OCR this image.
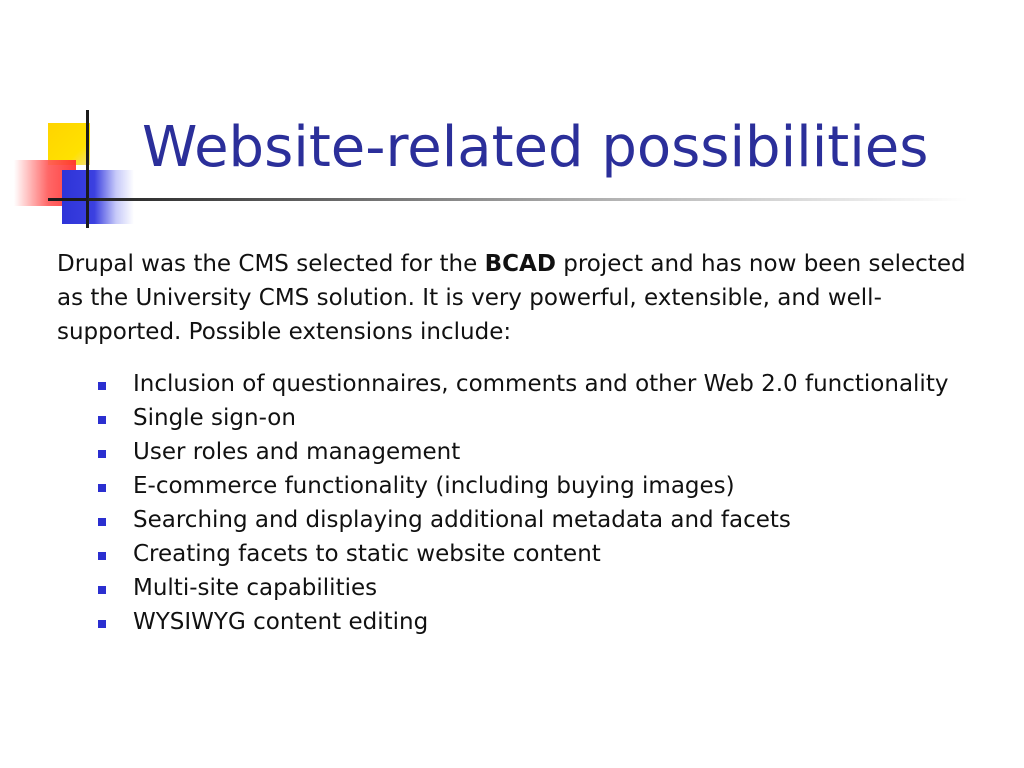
Website-related possibilities

Drupal was the CMS selected for the BCAD project and has now been selected as the University CMS solution. It is very powerful, extensible, and well-supported. Possible extensions include:

Inclusion of questionnaires, comments and other Web 2.0 functionality
Single sign-on
User roles and management
E-commerce functionality (including buying images)
Searching and displaying additional metadata and facets
Creating facets to static website content
Multi-site capabilities
WYSIWYG content editing
